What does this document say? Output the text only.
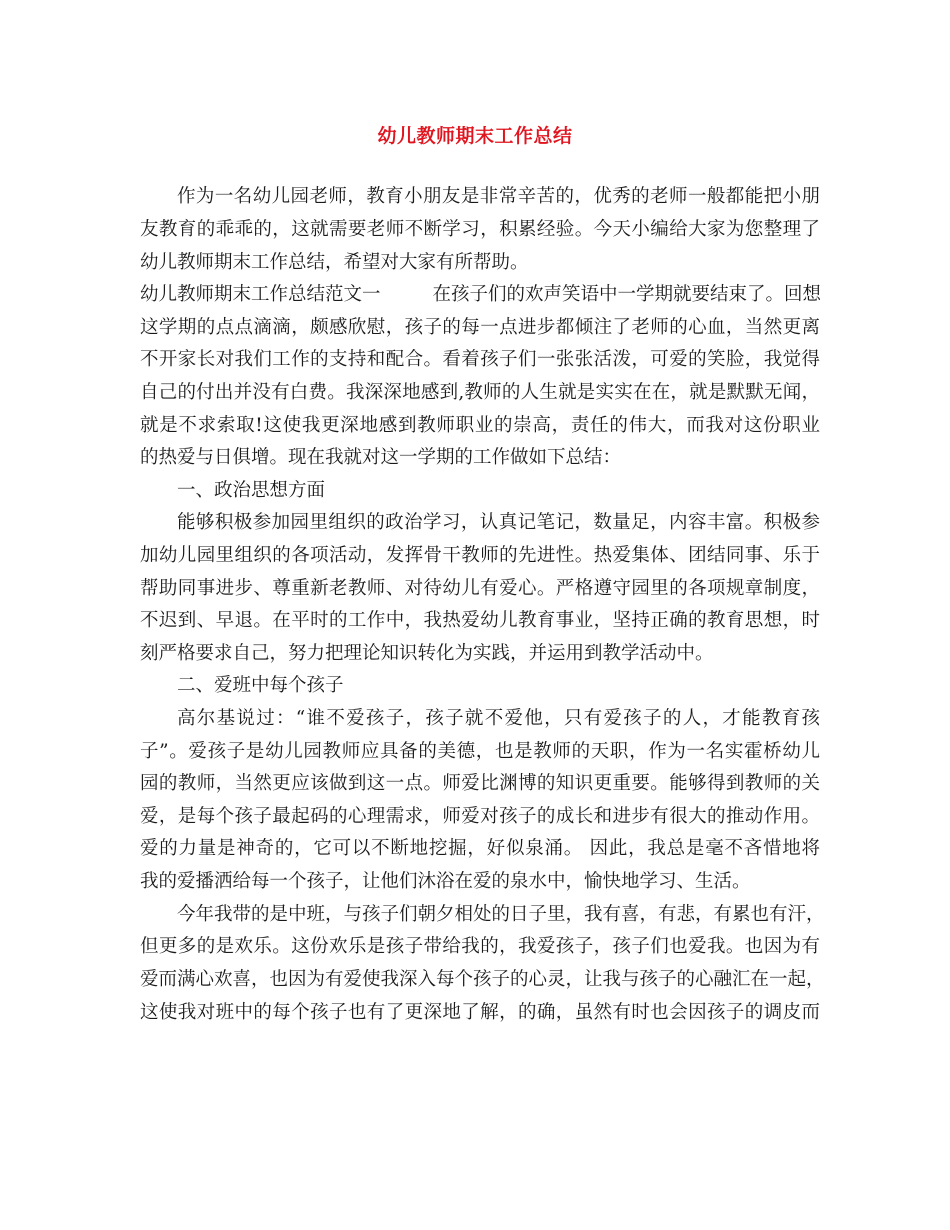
幼儿教师期末工作总结
作为一名幼儿园老师，教育小朋友是非常辛苦的，优秀的老师一般都能把小朋
友教育的乖乖的，这就需要老师不断学习，积累经验。今天小编给大家为您整理了
幼儿教师期末工作总结，希望对大家有所帮助。
幼儿教师期末工作总结范文一	在孩子们的欢声笑语中一学期就要结束了。回想
这学期的点点滴滴，颇感欣慰，孩子的每一点进步都倾注了老师的心血，当然更离
不开家长对我们工作的支持和配合。看着孩子们一张张活泼，可爱的笑脸，我觉得
自己的付出并没有白费。我深深地感到,教师的人生就是实实在在，就是默默无闻，
就是不求索取!这使我更深地感到教师职业的崇高，责任的伟大，而我对这份职业
的热爱与日俱增。现在我就对这一学期的工作做如下总结：
一、政治思想方面
能够积极参加园里组织的政治学习，认真记笔记，数量足，内容丰富。积极参
加幼儿园里组织的各项活动，发挥骨干教师的先进性。热爱集体、团结同事、乐于
帮助同事进步、尊重新老教师、对待幼儿有爱心。严格遵守园里的各项规章制度，
不迟到、早退。在平时的工作中，我热爱幼儿教育事业，坚持正确的教育思想，时
刻严格要求自己，努力把理论知识转化为实践，并运用到教学活动中。
二、爱班中每个孩子
高尔基说过：“谁不爱孩子，孩子就不爱他，只有爱孩子的人，才能教育孩
子”。爱孩子是幼儿园教师应具备的美德，也是教师的天职，作为一名实霍桥幼儿
园的教师，当然更应该做到这一点。师爱比渊博的知识更重要。能够得到教师的关
爱，是每个孩子最起码的心理需求，师爱对孩子的成长和进步有很大的推动作用。
爱的力量是神奇的，它可以不断地挖掘，好似泉涌。 因此，我总是毫不吝惜地将
我的爱播洒给每一个孩子，让他们沐浴在爱的泉水中，愉快地学习、生活。
今年我带的是中班，与孩子们朝夕相处的日子里，我有喜，有悲，有累也有汗，
但更多的是欢乐。这份欢乐是孩子带给我的，我爱孩子，孩子们也爱我。也因为有
爱而满心欢喜，也因为有爱使我深入每个孩子的心灵，让我与孩子的心融汇在一起，
这使我对班中的每个孩子也有了更深地了解，的确，虽然有时也会因孩子的调皮而
